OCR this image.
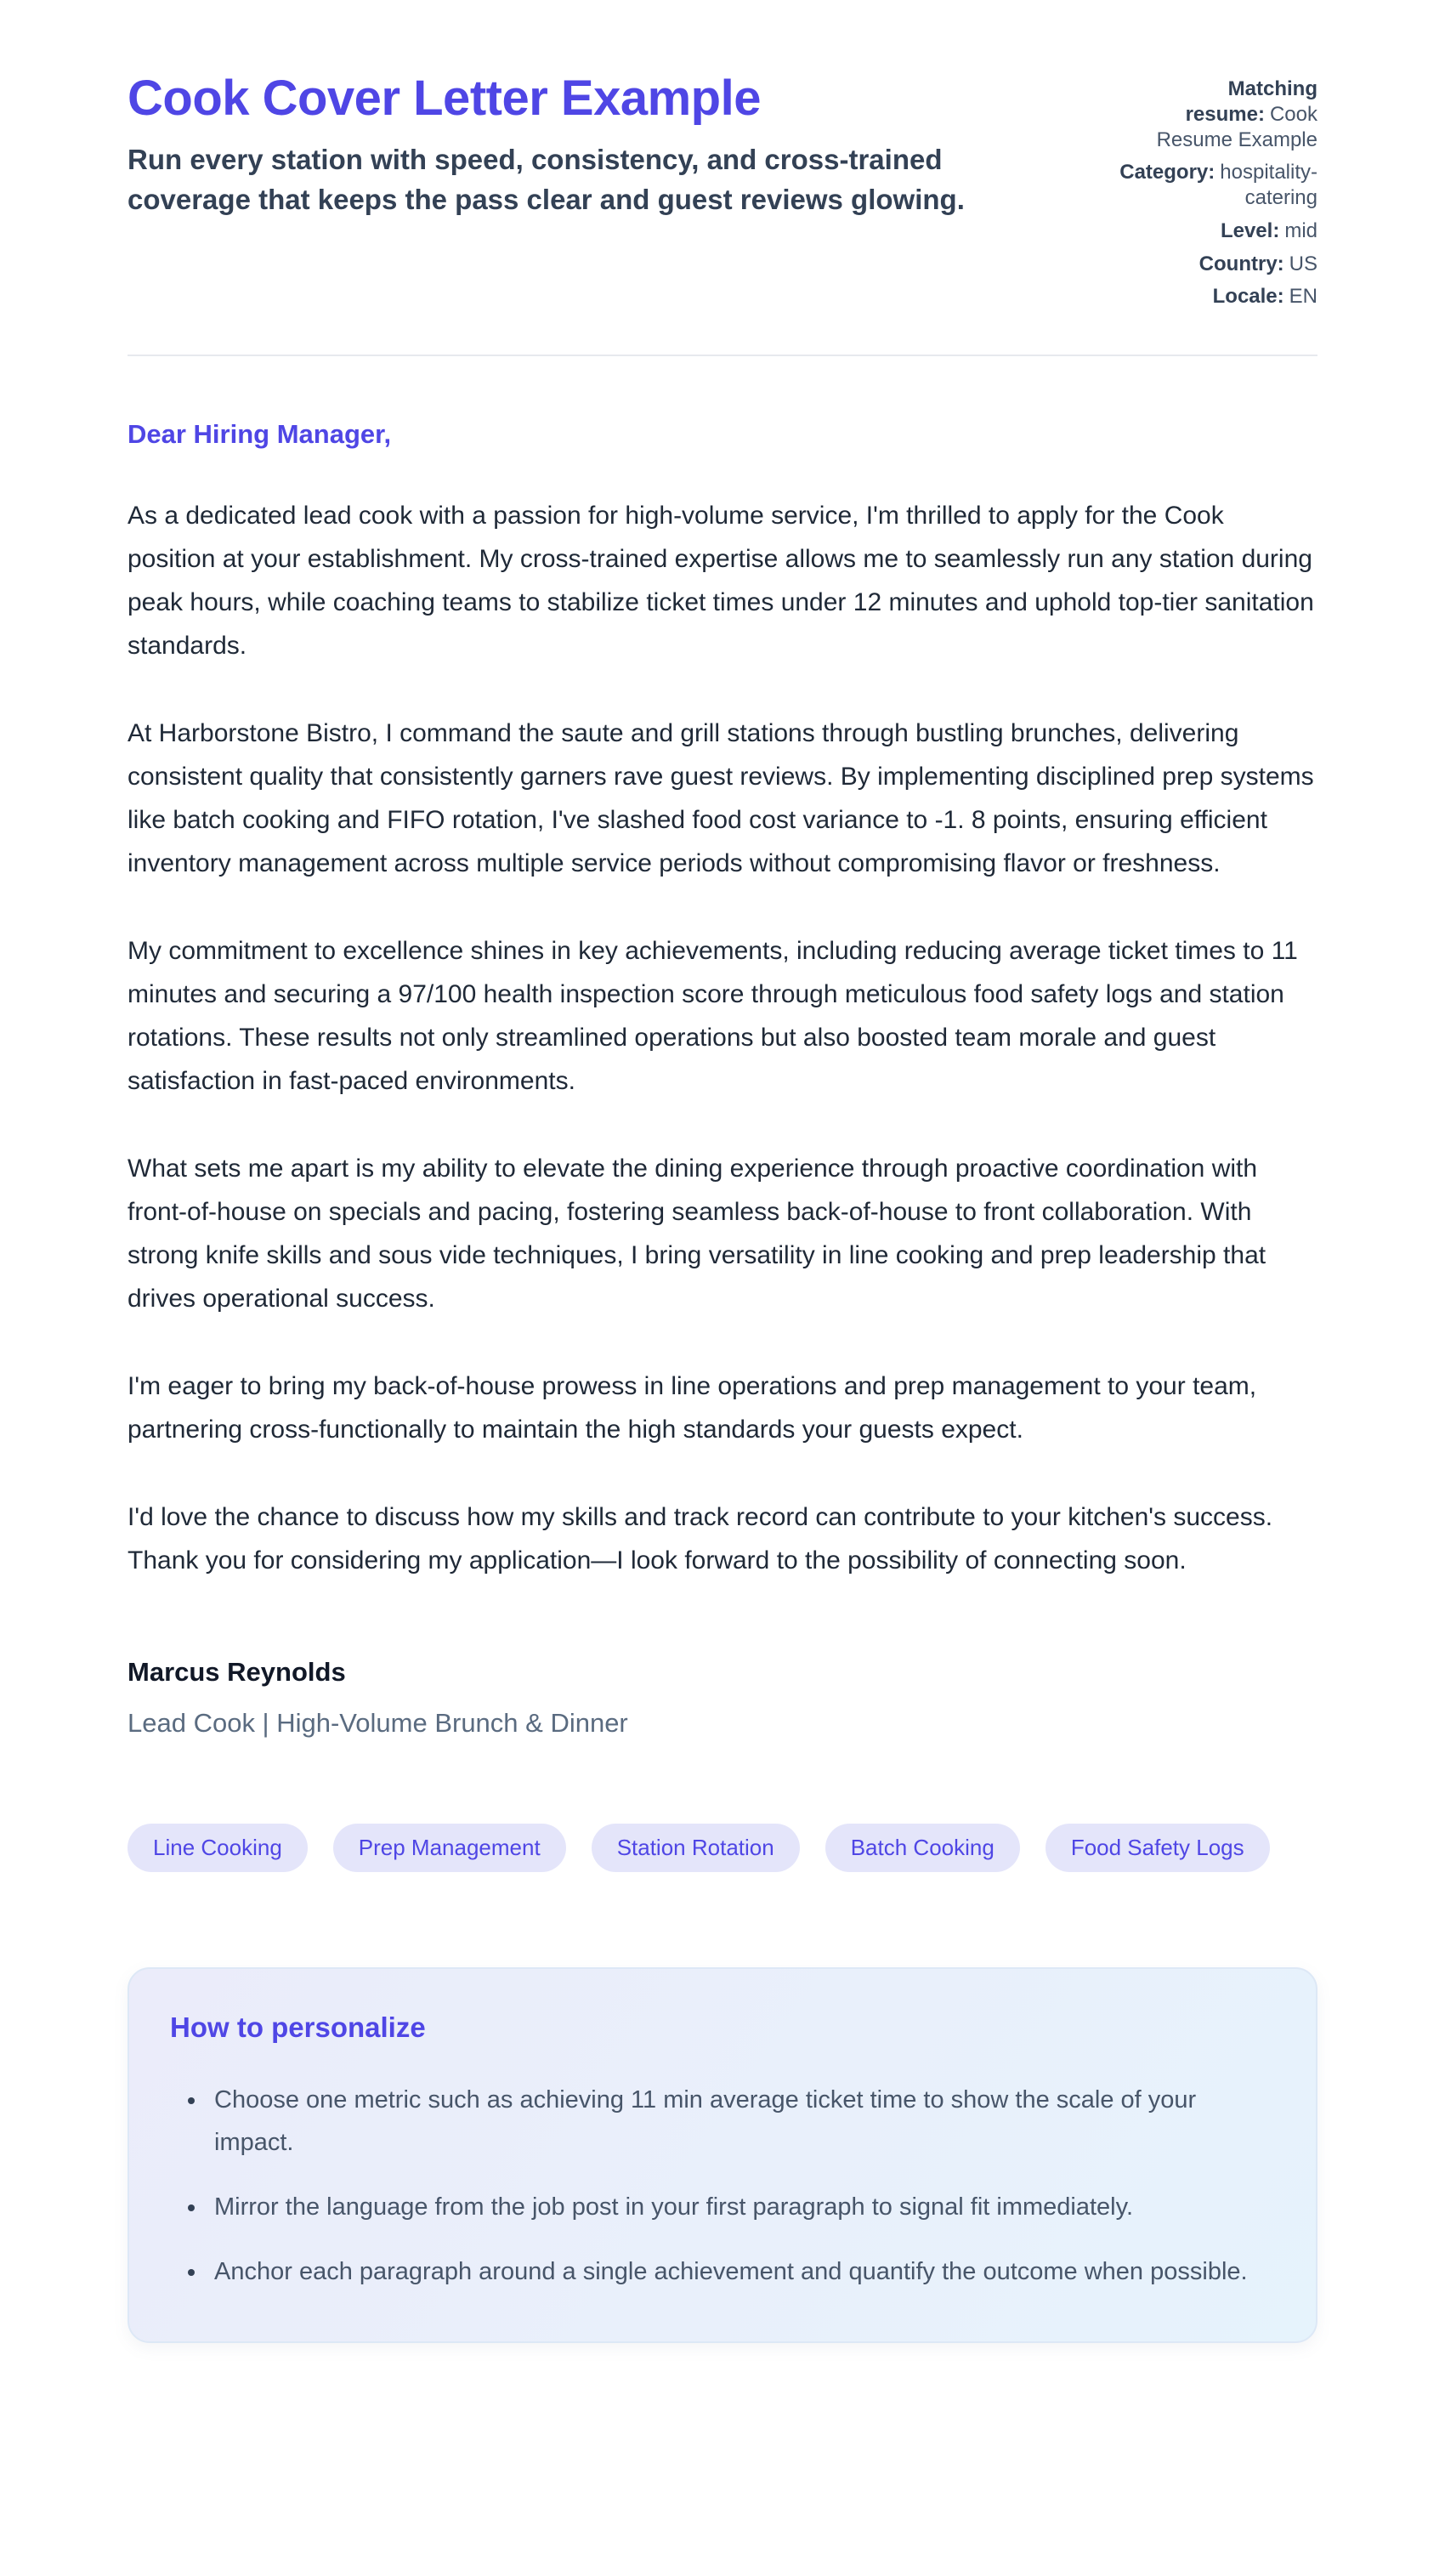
Cook Cover Letter Example

Run every station with speed, consistency, and cross-trained coverage that keeps the pass clear and guest reviews glowing.

Matching resume: Cook Resume Example
Category: hospitality-catering
Level: mid
Country: US
Locale: EN
Dear Hiring Manager,

As a dedicated lead cook with a passion for high-volume service, I'm thrilled to apply for the Cook position at your establishment. My cross-trained expertise allows me to seamlessly run any station during peak hours, while coaching teams to stabilize ticket times under 12 minutes and uphold top-tier sanitation standards.

At Harborstone Bistro, I command the saute and grill stations through bustling brunches, delivering consistent quality that consistently garners rave guest reviews. By implementing disciplined prep systems like batch cooking and FIFO rotation, I've slashed food cost variance to -1. 8 points, ensuring efficient inventory management across multiple service periods without compromising flavor or freshness.

My commitment to excellence shines in key achievements, including reducing average ticket times to 11 minutes and securing a 97/100 health inspection score through meticulous food safety logs and station rotations. These results not only streamlined operations but also boosted team morale and guest satisfaction in fast-paced environments.

What sets me apart is my ability to elevate the dining experience through proactive coordination with front-of-house on specials and pacing, fostering seamless back-of-house to front collaboration. With strong knife skills and sous vide techniques, I bring versatility in line cooking and prep leadership that drives operational success.

I'm eager to bring my back-of-house prowess in line operations and prep management to your team, partnering cross-functionally to maintain the high standards your guests expect.

I'd love the chance to discuss how my skills and track record can contribute to your kitchen's success. Thank you for considering my application—I look forward to the possibility of connecting soon.

Marcus Reynolds
Lead Cook | High-Volume Brunch & Dinner
Line Cooking	Prep Management	Station Rotation	Batch Cooking	Food Safety Logs
How to personalize
• Choose one metric such as achieving 11 min average ticket time to show the scale of your impact.
• Mirror the language from the job post in your first paragraph to signal fit immediately.
• Anchor each paragraph around a single achievement and quantify the outcome when possible.
